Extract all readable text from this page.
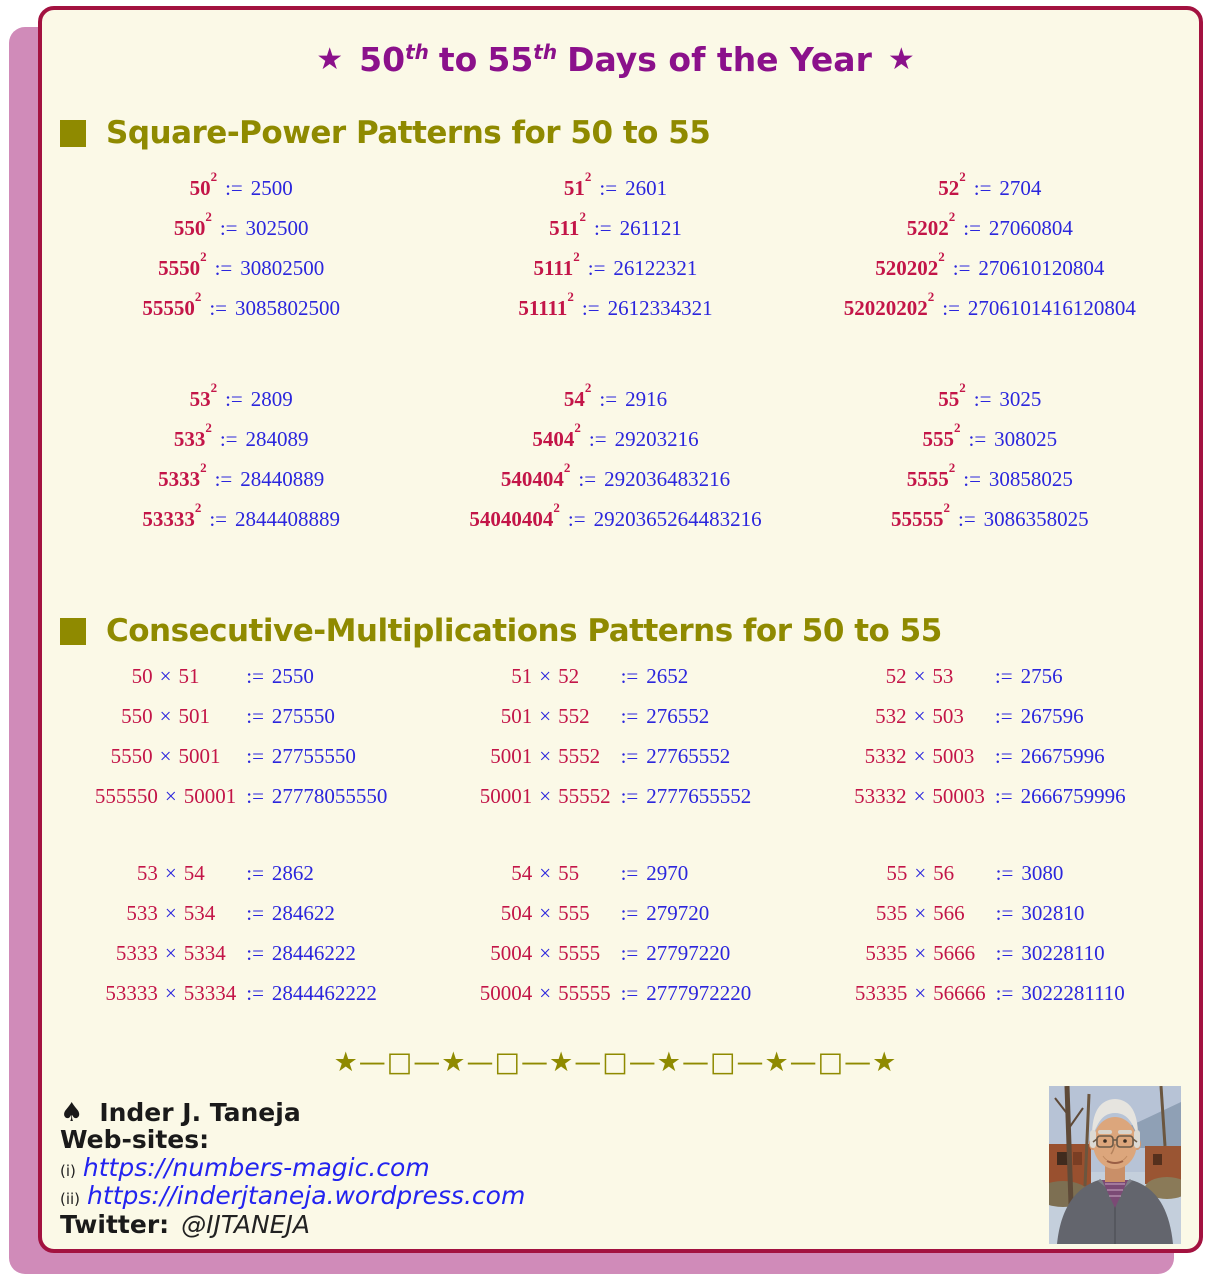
★ 50th to 55th Days of the Year ★
Square-Power Patterns for 50 to 55
50 2 := 2500
550 2 := 302500
5550 2 := 30802500
55550 2 := 3085802500
51 2 := 2601
511 2 := 261121
5111 2 := 26122321
51111 2 := 2612334321
52 2 := 2704
5202 2 := 27060804
520202 2 := 270610120804
52020202 2 := 2706101416120804
53 2 := 2809
533 2 := 284089
5333 2 := 28440889
53333 2 := 2844408889
54 2 := 2916
5404 2 := 29203216
540404 2 := 292036483216
54040404 2 := 2920365264483216
55 2 := 3025
555 2 := 308025
5555 2 := 30858025
55555 2 := 3086358025
Consecutive-Multiplications Patterns for 50 to 55
50 × 51 := 2550
550 × 501 := 275550
5550 × 5001 := 27755550
555550 × 50001 := 27778055550
51 × 52 := 2652
501 × 552 := 276552
5001 × 5552 := 27765552
50001 × 55552 := 2777655552
52 × 53 := 2756
532 × 503 := 267596
5332 × 5003 := 26675996
53332 × 50003 := 2666759996
53 × 54 := 2862
533 × 534 := 284622
5333 × 5334 := 28446222
53333 × 53334 := 2844462222
54 × 55 := 2970
504 × 555 := 279720
5004 × 5555 := 27797220
50004 × 55555 := 2777972220
55 × 56 := 3080
535 × 566 := 302810
5335 × 5666 := 30228110
53335 × 56666 := 3022281110
★—□—★—□—★—□—★—□—★—□—★
♠ Inder J. Taneja
Web-sites:
(i) https://numbers-magic.com
(ii) https://inderjtaneja.wordpress.com
Twitter: @IJTANEJA
